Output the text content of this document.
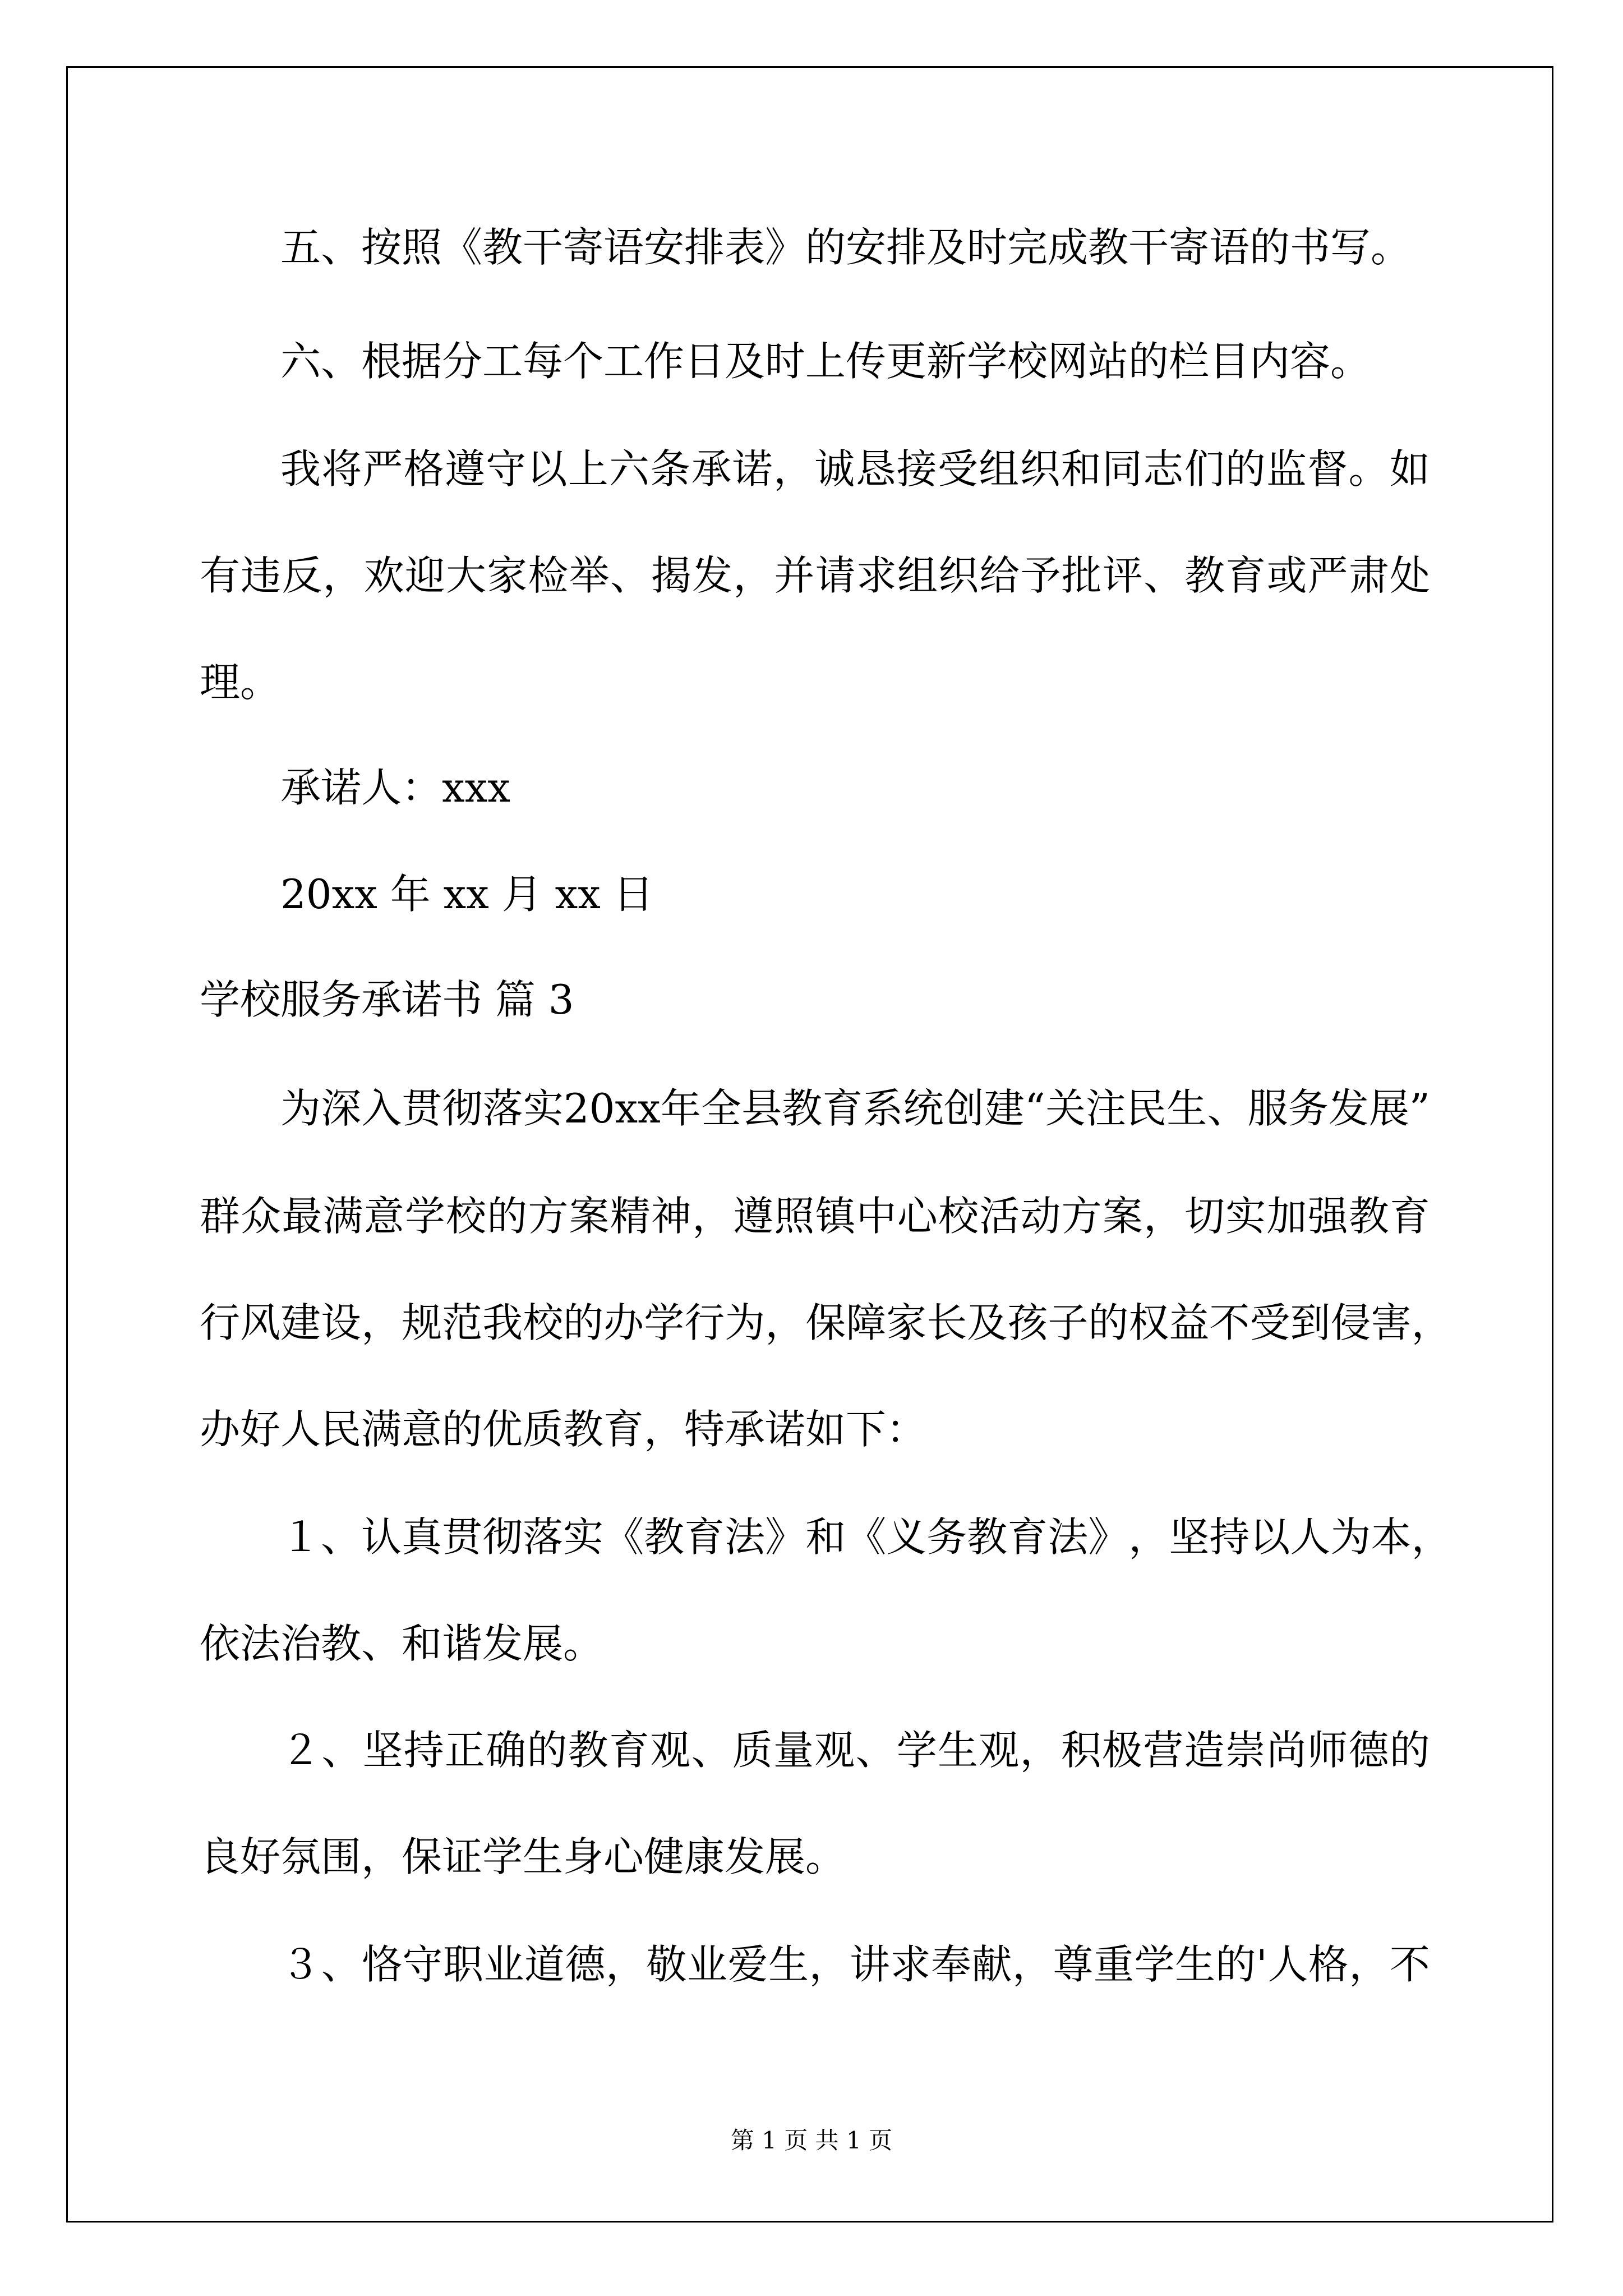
五、按照《教干寄语安排表》的安排及时完成教干寄语的书写。
六、根据分工每个工作日及时上传更新学校网站的栏目内容。
我 将 严 格 遵 守 以 上 六 条 承 诺 ， 诚 恳 接 受 组 织 和 同 志 们 的 监 督 。 如
有 违 反 ， 欢 迎 大 家 检 举 、 揭 发 ， 并 请 求 组 织 给 予 批 评 、 教 育 或 严 肃 处
理。
承诺人：xxx
20xx 年 xx 月 xx 日
学校服务承诺书 篇 3
为 深 入 贯 彻 落 实 20xx 年 全 县 教 育 系 统 创 建 “ 关 注 民 生 、 服 务 发 展 ”
群 众 最 满 意 学 校 的 方 案 精 神 ， 遵 照 镇 中 心 校 活 动 方 案 ， 切 实 加 强 教 育
行 风 建 设 ， 规 范 我 校 的 办 学 行 为 ， 保 障 家 长 及 孩 子 的 权 益 不 受 到 侵 害 ，
办好人民满意的优质教育，特承诺如下：
１ 、 认 真 贯 彻 落 实 《 教 育 法 》 和 《 义 务 教 育 法 》 ， 坚 持 以 人 为 本 ，
依法治教、和谐发展。
２ 、 坚 持 正 确 的 教 育 观 、 质 量 观 、 学 生 观 ， 积 极 营 造 崇 尚 师 德 的
良好氛围，保证学生身心健康发展。
３ 、 恪 守 职 业 道 德 ， 敬 业 爱 生 ， 讲 求 奉 献 ， 尊 重 学 生 的 ' 人 格 ， 不
第 1 页 共 1 页
